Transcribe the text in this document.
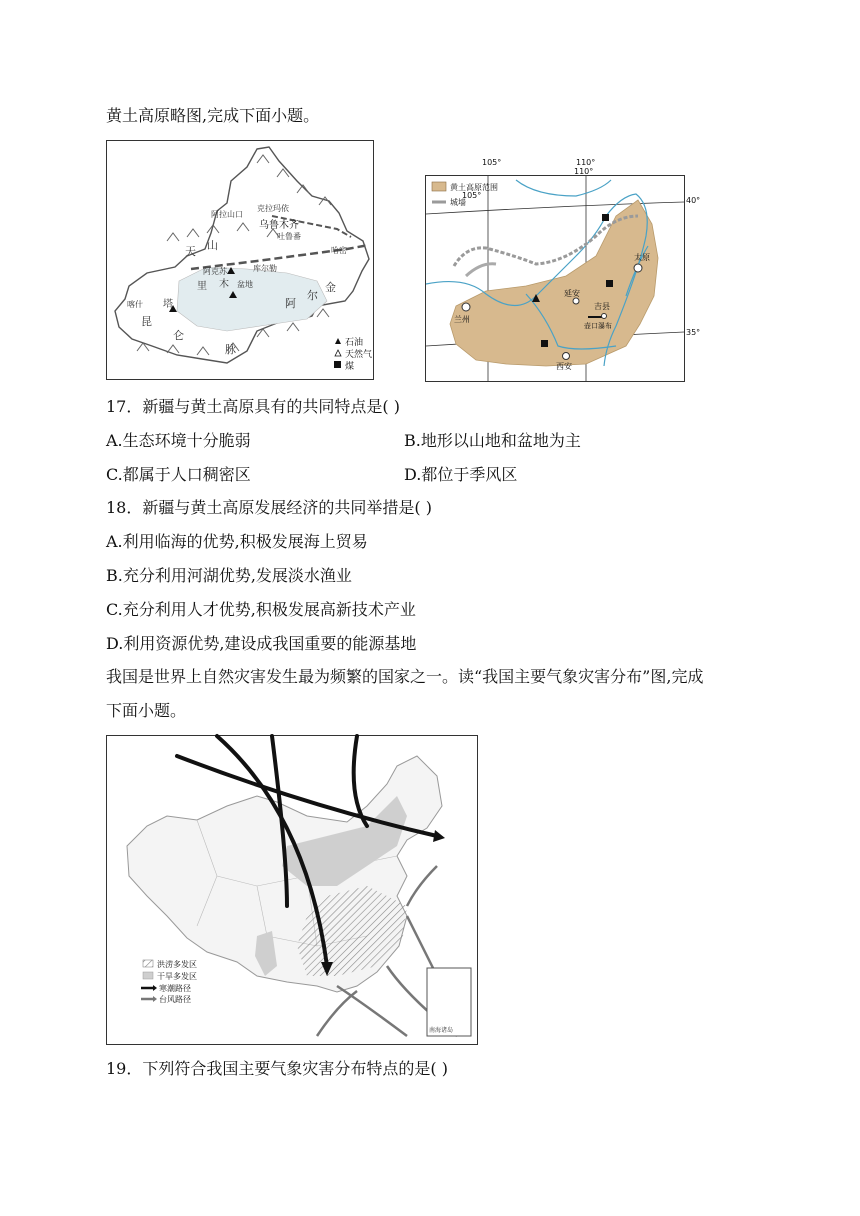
黄土高原略图,完成下面小题。
克拉玛依
阿拉山口
乌鲁木齐
吐鲁番
哈密
阿克苏	库尔勒
喀什 塔
里 木 盆地
天 山
昆
仑
阿
尔
金
脉	石油
天然气
煤
105°
110°
兰州
延安
太原
吉县
壶口瀑布
西安
黄土高原范围
城墙
105°	110°
40°
35°
17．新疆与黄土高原具有的共同特点是( )
A.生态环境十分脆弱	B.地形以山地和盆地为主
C.都属于人口稠密区	D.都位于季风区
18．新疆与黄土高原发展经济的共同举措是( )
A.利用临海的优势,积极发展海上贸易
B.充分利用河湖优势,发展淡水渔业
C.充分利用人才优势,积极发展高新技术产业
D.利用资源优势,建设成我国重要的能源基地
我国是世界上自然灾害发生最为频繁的国家之一。读“我国主要气象灾害分布”图,完成
下面小题。
南海诸岛
洪涝多发区
干旱多发区
寒潮路径
台风路径
19．下列符合我国主要气象灾害分布特点的是( )
